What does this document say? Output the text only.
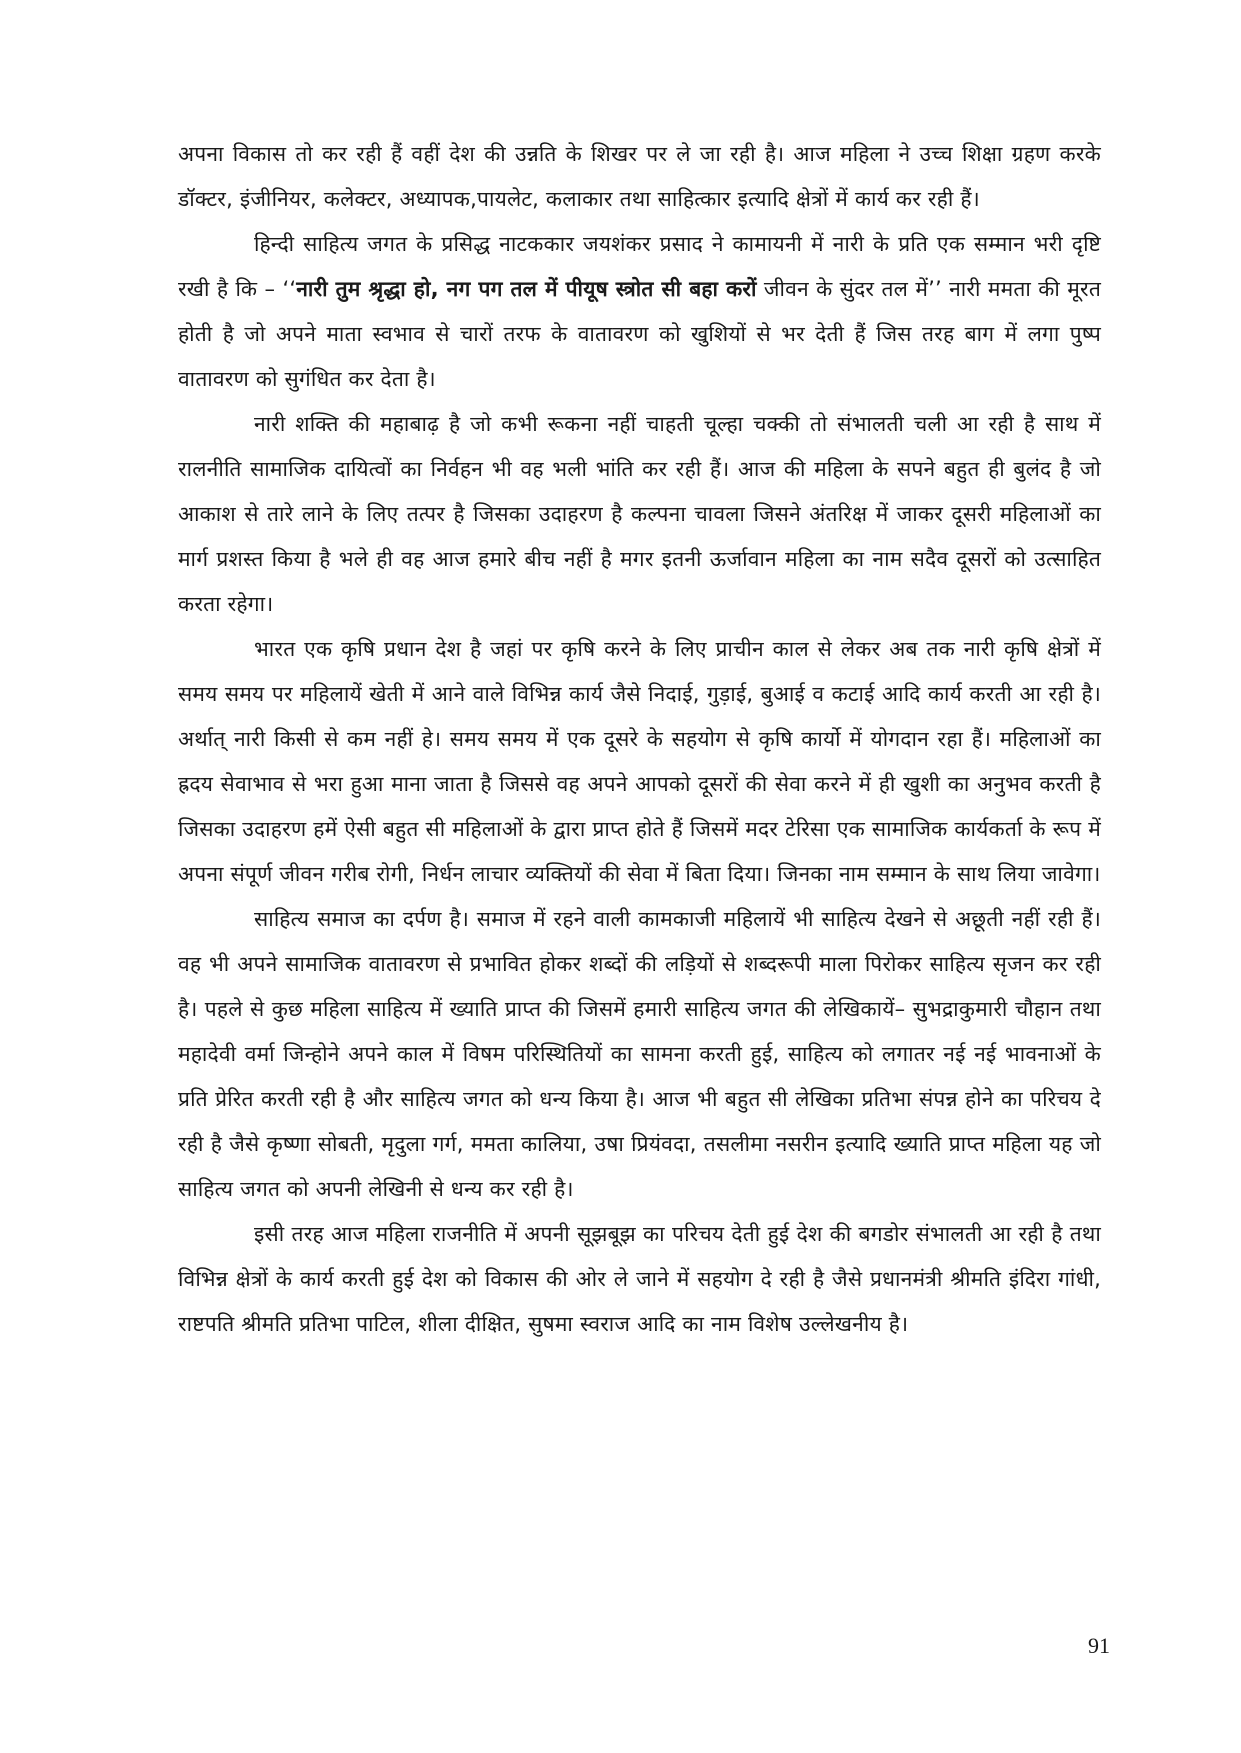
अपना विकास तो कर रही हैं वहीं देश की उन्नति के शिखर पर ले जा रही है। आज महिला ने उच्च शिक्षा ग्रहण करके डॉक्टर, इंजीनियर, कलेक्टर, अध्यापक,पायलेट, कलाकार तथा साहित्कार इत्यादि क्षेत्रों में कार्य कर रही हैं।

हिन्दी साहित्य जगत के प्रसिद्ध नाटककार जयशंकर प्रसाद ने कामायनी में नारी के प्रति एक सम्मान भरी दृष्टि रखी है कि – ‘‘नारी तुम श्रृद्धा हो, नग पग तल में पीयूष स्त्रोत सी बहा करों जीवन के सुंदर तल में’’ नारी ममता की मूरत होती है जो अपने माता स्वभाव से चारों तरफ के वातावरण को खुशियों से भर देती हैं जिस तरह बाग में लगा पुष्प वातावरण को सुगंधित कर देता है।

नारी शक्ति की महाबाढ़ है जो कभी रूकना नहीं चाहती चूल्हा चक्की तो संभालती चली आ रही है साथ में रालनीति सामाजिक दायित्वों का निर्वहन भी वह भली भांति कर रही हैं। आज की महिला के सपने बहुत ही बुलंद है जो आकाश से तारे लाने के लिए तत्पर है जिसका उदाहरण है कल्पना चावला जिसने अंतरिक्ष में जाकर दूसरी महिलाओं का मार्ग प्रशस्त किया है भले ही वह आज हमारे बीच नहीं है मगर इतनी ऊर्जावान महिला का नाम सदैव दूसरों को उत्साहित करता रहेगा।

भारत एक कृषि प्रधान देश है जहां पर कृषि करने के लिए प्राचीन काल से लेकर अब तक नारी कृषि क्षेत्रों में समय समय पर महिलायें खेती में आने वाले विभिन्न कार्य जैसे निदाई, गुड़ाई, बुआई व कटाई आदि कार्य करती आ रही है। अर्थात् नारी किसी से कम नहीं हे। समय समय में एक दूसरे के सहयोग से कृषि कार्यो में योगदान रहा हैं। महिलाओं का ह्रदय सेवाभाव से भरा हुआ माना जाता है जिससे वह अपने आपको दूसरों की सेवा करने में ही खुशी का अनुभव करती है जिसका उदाहरण हमें ऐसी बहुत सी महिलाओं के द्वारा प्राप्त होते हैं जिसमें मदर टेरिसा एक सामाजिक कार्यकर्ता के रूप में अपना संपूर्ण जीवन गरीब रोगी, निर्धन लाचार व्यक्तियों की सेवा में बिता दिया। जिनका नाम सम्मान के साथ लिया जावेगा।

साहित्य समाज का दर्पण है। समाज में रहने वाली कामकाजी महिलायें भी साहित्य देखने से अछूती नहीं रही हैं। वह भी अपने सामाजिक वातावरण से प्रभावित होकर शब्दों की लड़ियों से शब्दरूपी माला पिरोकर साहित्य सृजन कर रही है। पहले से कुछ महिला साहित्य में ख्याति प्राप्त की जिसमें हमारी साहित्य जगत की लेखिकायें– सुभद्राकुमारी चौहान तथा महादेवी वर्मा जिन्होने अपने काल में विषम परिस्थितियों का सामना करती हुई, साहित्य को लगातर नई नई भावनाओं के प्रति प्रेरित करती रही है और साहित्य जगत को धन्य किया है। आज भी बहुत सी लेखिका प्रतिभा संपन्न होने का परिचय दे रही है जैसे कृष्णा सोबती, मृदुला गर्ग, ममता कालिया, उषा प्रियंवदा, तसलीमा नसरीन इत्यादि ख्याति प्राप्त महिला यह जो साहित्य जगत को अपनी लेखिनी से धन्य कर रही है।

इसी तरह आज महिला राजनीति में अपनी सूझबूझ का परिचय देती हुई देश की बगडोर संभालती आ रही है तथा विभिन्न क्षेत्रों के कार्य करती हुई देश को विकास की ओर ले जाने में सहयोग दे रही है जैसे प्रधानमंत्री श्रीमति इंदिरा गांधी, राष्टपति श्रीमति प्रतिभा पाटिल, शीला दीक्षित, सुषमा स्वराज आदि का नाम विशेष उल्लेखनीय है।

91
